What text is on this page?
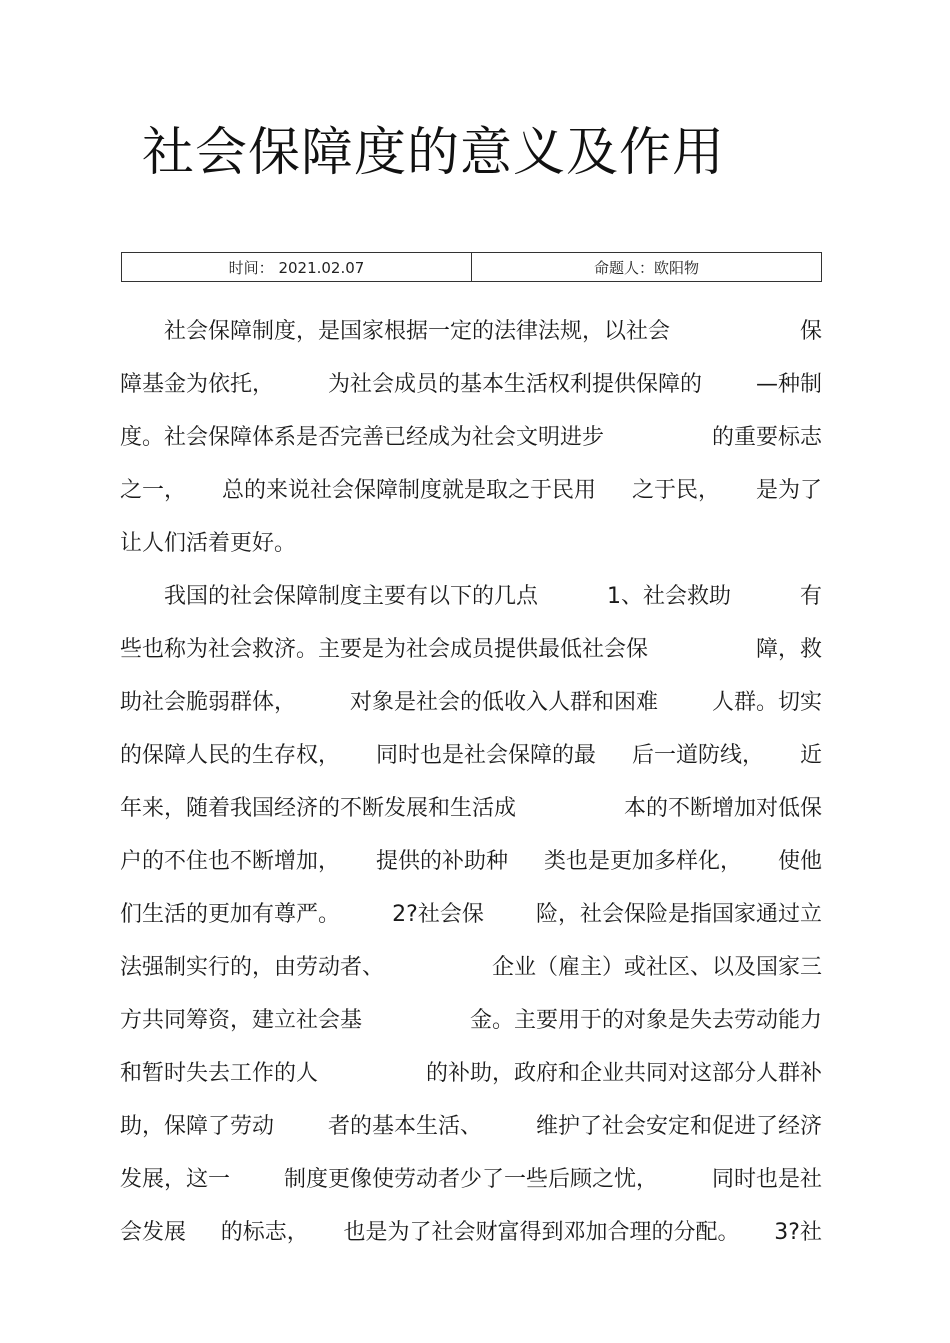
社会保障度的意义及作用
时间： 2021.02.07	命题人：欧阳物
　　社会保障制度，是国家根据一定的法律法规，以社会	保
障基金为依托， 为社会成员的基本生活权利提供保障的 —种制
度。社会保障体系是否完善已经成为社会文明进步	的重要标志
之一， 总的来说社会保障制度就是取之于民用 之于民， 是为了
让人们活着更好。
　　我国的社会保障制度主要有以下的几点	1、社会救助	有
些也称为社会救济。主要是为社会成员提供最低社会保	障，救
助社会脆弱群体， 对象是社会的低收入人群和困难 人群。切实
的保障人民的生存权， 同时也是社会保障的最 后一道防线， 近
年来，随着我国经济的不断发展和生活成	本的不断增加对低保
户的不住也不断增加， 提供的补助种 类也是更加多样化， 使他
们生活的更加有尊严。 2?社会保 险，社会保险是指国家通过立
法强制实行的，由劳动者、	企业（雇主）或社区、以及国家三
方共同筹资，建立社会基	金。主要用于的对象是失去劳动能力
和暂时失去工作的人	的补助，政府和企业共同对这部分人群补
助，保障了劳动 者的基本生活、 维护了社会安定和促进了经济
发展，这一 制度更像使劳动者少了一些后顾之忧， 同时也是社
会发展 的标志， 也是为了社会财富得到邓加合理的分配。 3?社
